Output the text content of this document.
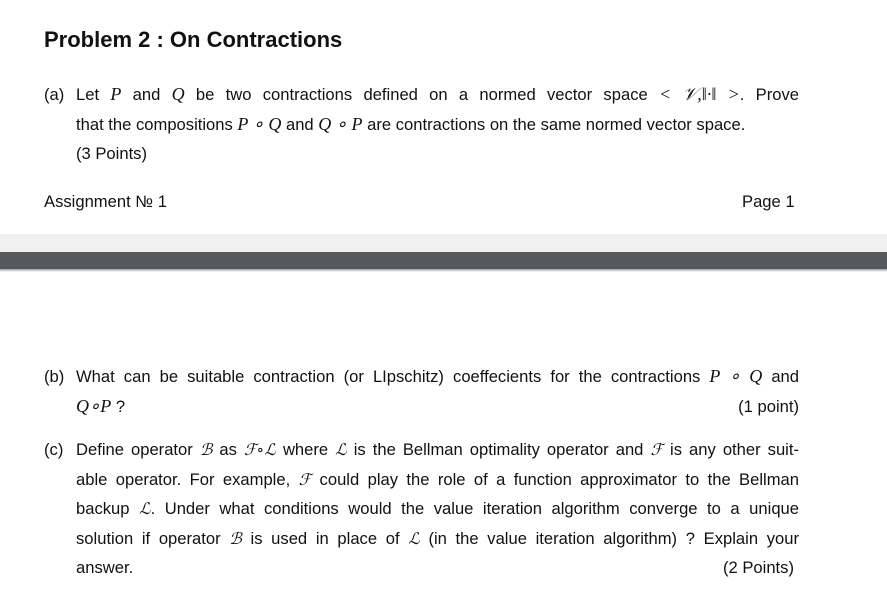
Problem 2 : On Contractions
(a) Let P and Q be two contractions defined on a normed vector space < 𝒱,‖·‖ >. Prove
that the compositions P ∘ Q and Q ∘ P are contractions on the same normed vector space.
(3 Points)
Assignment № 1	Page 1
(b) What can be suitable contraction (or LIpschitz) coeffecients for the contractions P ∘ Q and
Q∘P ?	(1 point)
(c) Define operator ℬ as ℱ∘ℒ where ℒ is the Bellman optimality operator and ℱ is any other suit-
able operator. For example, ℱ could play the role of a function approximator to the Bellman
backup ℒ. Under what conditions would the value iteration algorithm converge to a unique
solution if operator ℬ is used in place of ℒ (in the value iteration algorithm) ? Explain your
answer.	(2 Points)
